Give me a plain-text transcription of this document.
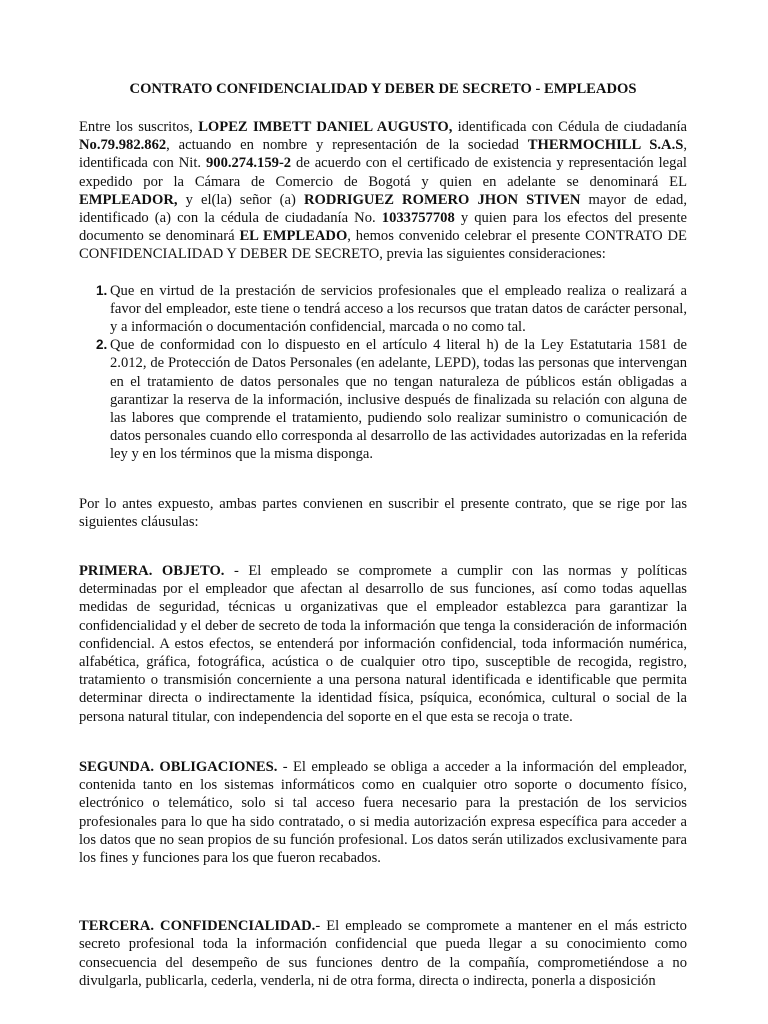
CONTRATO CONFIDENCIALIDAD Y DEBER DE SECRETO - EMPLEADOS

Entre los suscritos, LOPEZ IMBETT DANIEL AUGUSTO, identificada con Cédula de ciudadanía No.79.982.862, actuando en nombre y representación de la sociedad THERMOCHILL S.A.S, identificada con Nit. 900.274.159-2 de acuerdo con el certificado de existencia y representación legal expedido por la Cámara de Comercio de Bogotá y quien en adelante se denominará EL EMPLEADOR, y el(la) señor (a) RODRIGUEZ ROMERO JHON STIVEN mayor de edad, identificado (a) con la cédula de ciudadanía No. 1033757708 y quien para los efectos del presente documento se denominará EL EMPLEADO, hemos convenido celebrar el presente CONTRATO DE CONFIDENCIALIDAD Y DEBER DE SECRETO, previa las siguientes consideraciones:

1. Que en virtud de la prestación de servicios profesionales que el empleado realiza o realizará a favor del empleador, este tiene o tendrá acceso a los recursos que tratan datos de carácter personal, y a información o documentación confidencial, marcada o no como tal.
2. Que de conformidad con lo dispuesto en el artículo 4 literal h) de la Ley Estatutaria 1581 de 2.012, de Protección de Datos Personales (en adelante, LEPD), todas las personas que intervengan en el tratamiento de datos personales que no tengan naturaleza de públicos están obligadas a garantizar la reserva de la información, inclusive después de finalizada su relación con alguna de las labores que comprende el tratamiento, pudiendo solo realizar suministro o comunicación de datos personales cuando ello corresponda al desarrollo de las actividades autorizadas en la referida ley y en los términos que la misma disponga.

Por lo antes expuesto, ambas partes convienen en suscribir el presente contrato, que se rige por las siguientes cláusulas:

PRIMERA. OBJETO. - El empleado se compromete a cumplir con las normas y políticas determinadas por el empleador que afectan al desarrollo de sus funciones, así como todas aquellas medidas de seguridad, técnicas u organizativas que el empleador establezca para garantizar la confidencialidad y el deber de secreto de toda la información que tenga la consideración de información confidencial. A estos efectos, se entenderá por información confidencial, toda información numérica, alfabética, gráfica, fotográfica, acústica o de cualquier otro tipo, susceptible de recogida, registro, tratamiento o transmisión concerniente a una persona natural identificada e identificable que permita determinar directa o indirectamente la identidad física, psíquica, económica, cultural o social de la persona natural titular, con independencia del soporte en el que esta se recoja o trate.

SEGUNDA. OBLIGACIONES. - El empleado se obliga a acceder a la información del empleador, contenida tanto en los sistemas informáticos como en cualquier otro soporte o documento físico, electrónico o telemático, solo si tal acceso fuera necesario para la prestación de los servicios profesionales para lo que ha sido contratado, o si media autorización expresa específica para acceder a los datos que no sean propios de su función profesional. Los datos serán utilizados exclusivamente para los fines y funciones para los que fueron recabados.

TERCERA. CONFIDENCIALIDAD.- El empleado se compromete a mantener en el más estricto secreto profesional toda la información confidencial que pueda llegar a su conocimiento como consecuencia del desempeño de sus funciones dentro de la compañía, comprometiéndose a no divulgarla, publicarla, cederla, venderla, ni de otra forma, directa o indirecta, ponerla a disposición
